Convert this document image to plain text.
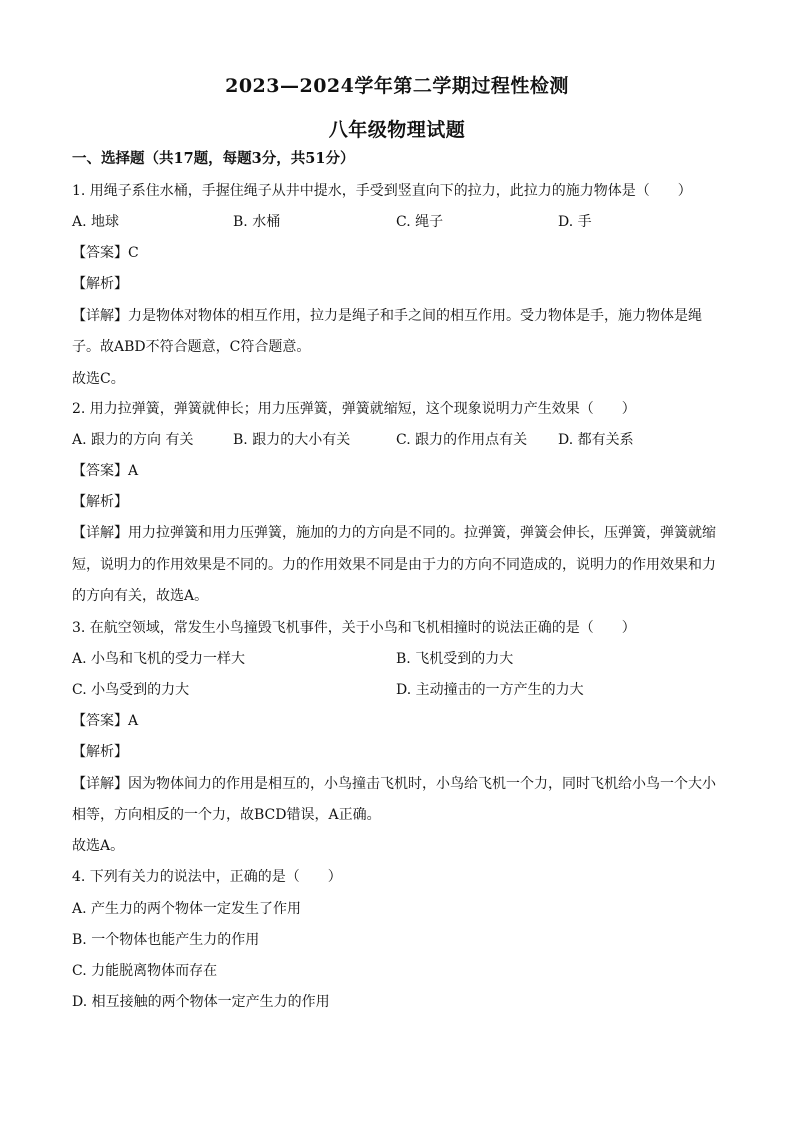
2023—2024学年第二学期过程性检测
八年级物理试题
一、选择题（共17题，每题3分，共51分）
1. 用绳子系住水桶，手握住绳子从井中提水，手受到竖直向下的拉力，此拉力的施力物体是（　　）
A. 地球	B. 水桶	C. 绳子	D. 手
【答案】C
【解析】
【详解】力是物体对物体的相互作用，拉力是绳子和手之间的相互作用。受力物体是手，施力物体是绳
子。故ABD不符合题意，C符合题意。
故选C。
2. 用力拉弹簧，弹簧就伸长；用力压弹簧，弹簧就缩短，这个现象说明力产生效果（　　）
A. 跟力的方向 有关	B. 跟力的大小有关	C. 跟力的作用点有关 D. 都有关系
【答案】A
【解析】
【详解】用力拉弹簧和用力压弹簧，施加的力的方向是不同的。拉弹簧，弹簧会伸长，压弹簧，弹簧就缩
短，说明力的作用效果是不同的。力的作用效果不同是由于力的方向不同造成的，说明力的作用效果和力
的方向有关，故选A。
3. 在航空领域，常发生小鸟撞毁飞机事件，关于小鸟和飞机相撞时的说法正确的是（　　）
A. 小鸟和飞机的受力一样大	B. 飞机受到的力大
C. 小鸟受到的力大	D. 主动撞击的一方产生的力大
【答案】A
【解析】
【详解】因为物体间力的作用是相互的，小鸟撞击飞机时，小鸟给飞机一个力，同时飞机给小鸟一个大小
相等，方向相反的一个力，故BCD错误，A正确。
故选A。
4. 下列有关力的说法中，正确的是（　　）
A. 产生力的两个物体一定发生了作用
B. 一个物体也能产生力的作用
C. 力能脱离物体而存在
D. 相互接触的两个物体一定产生力的作用
